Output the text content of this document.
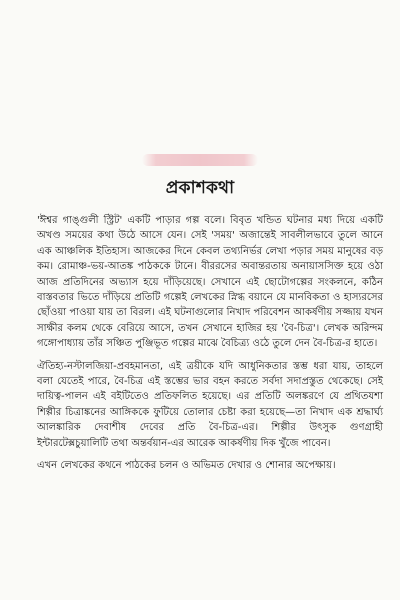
প্রকাশকথা

'ঈশ্বর গাঙ্গুলী স্ট্রিট' একটি পাড়ার গল্প বলে। বিবৃত খন্ডিত ঘটনার মধ্য দিয়ে একটি অখণ্ড সময়ের কথা উঠে আসে যেন। সেই 'সময়' অজান্তেই সাবলীলভাবে তুলে আনে এক আঞ্চলিক ইতিহাস। আজকের দিনে কেবল তথ্যনির্ভর লেখা পড়ার সময় মানুষের বড় কম। রোমাঞ্চ-ভয়-আতঙ্ক পাঠককে টানে। বীররসের অবান্তরতায় অনায়াসসিক্ত হয়ে ওঠা আজ প্রতিদিনের অভ্যাস হয়ে দাঁড়িয়েছে। সেখানে এই ছোটোগল্পের সংকলনে, কঠিন বাস্তবতার ভিতে দাঁড়িয়ে প্রতিটি গল্পেই লেখকের স্নিগ্ধ বয়ানে যে মানবিকতা ও হাস্যরসের ছোঁওয়া পাওয়া যায় তা বিরল। এই ঘটনাগুলোর নিখাদ পরিবেশন আকর্ষণীয় সজ্জায় যখন সাক্ষীর কলম থেকে বেরিয়ে আসে, তখন সেখানে হাজির হয় 'বৈ-চিত্র'। লেখক অরিন্দম গঙ্গোপাধ্যায় তাঁর সঞ্চিত পুঞ্জিভূত গল্পের মাঝে বৈচিত্র্য ওঠে তুলে দেন বৈ-চিত্র-র হাতে।

ঐতিহ্য-নস্টালজিয়া-প্রবহমানতা, এই ত্রয়ীকে যদি আধুনিকতার স্তম্ভ ধরা যায়, তাহলে বলা যেতেই পারে, বৈ-চিত্র এই স্তম্ভের ভার বহন করতে সর্বদা সদাপ্রস্তুত থেকেছে। সেই দায়িত্ব-পালন এই বইটিতেও প্রতিফলিত হয়েছে। এর প্রতিটি অলঙ্করণে যে প্রথিতযশা শিল্পীর চিত্রাঙ্কনের আঙ্গিককে ফুটিয়ে তোলার চেষ্টা করা হয়েছে—তা নিখাদ এক শ্রদ্ধার্ঘ্য আলঙ্কারিক দেবাশীষ দেবের প্রতি বৈ-চিত্র-এর। শিল্পীর উৎসুক গুণগ্রাহী ইন্টারটেক্সচুয়ালিটি তথা অন্তর্বয়ান-এর আরেক আকর্ষণীয় দিক খুঁজে পাবেন।

এখন লেখকের কথনে পাঠকের চলন ও অভিমত দেখার ও শোনার অপেক্ষায়।
